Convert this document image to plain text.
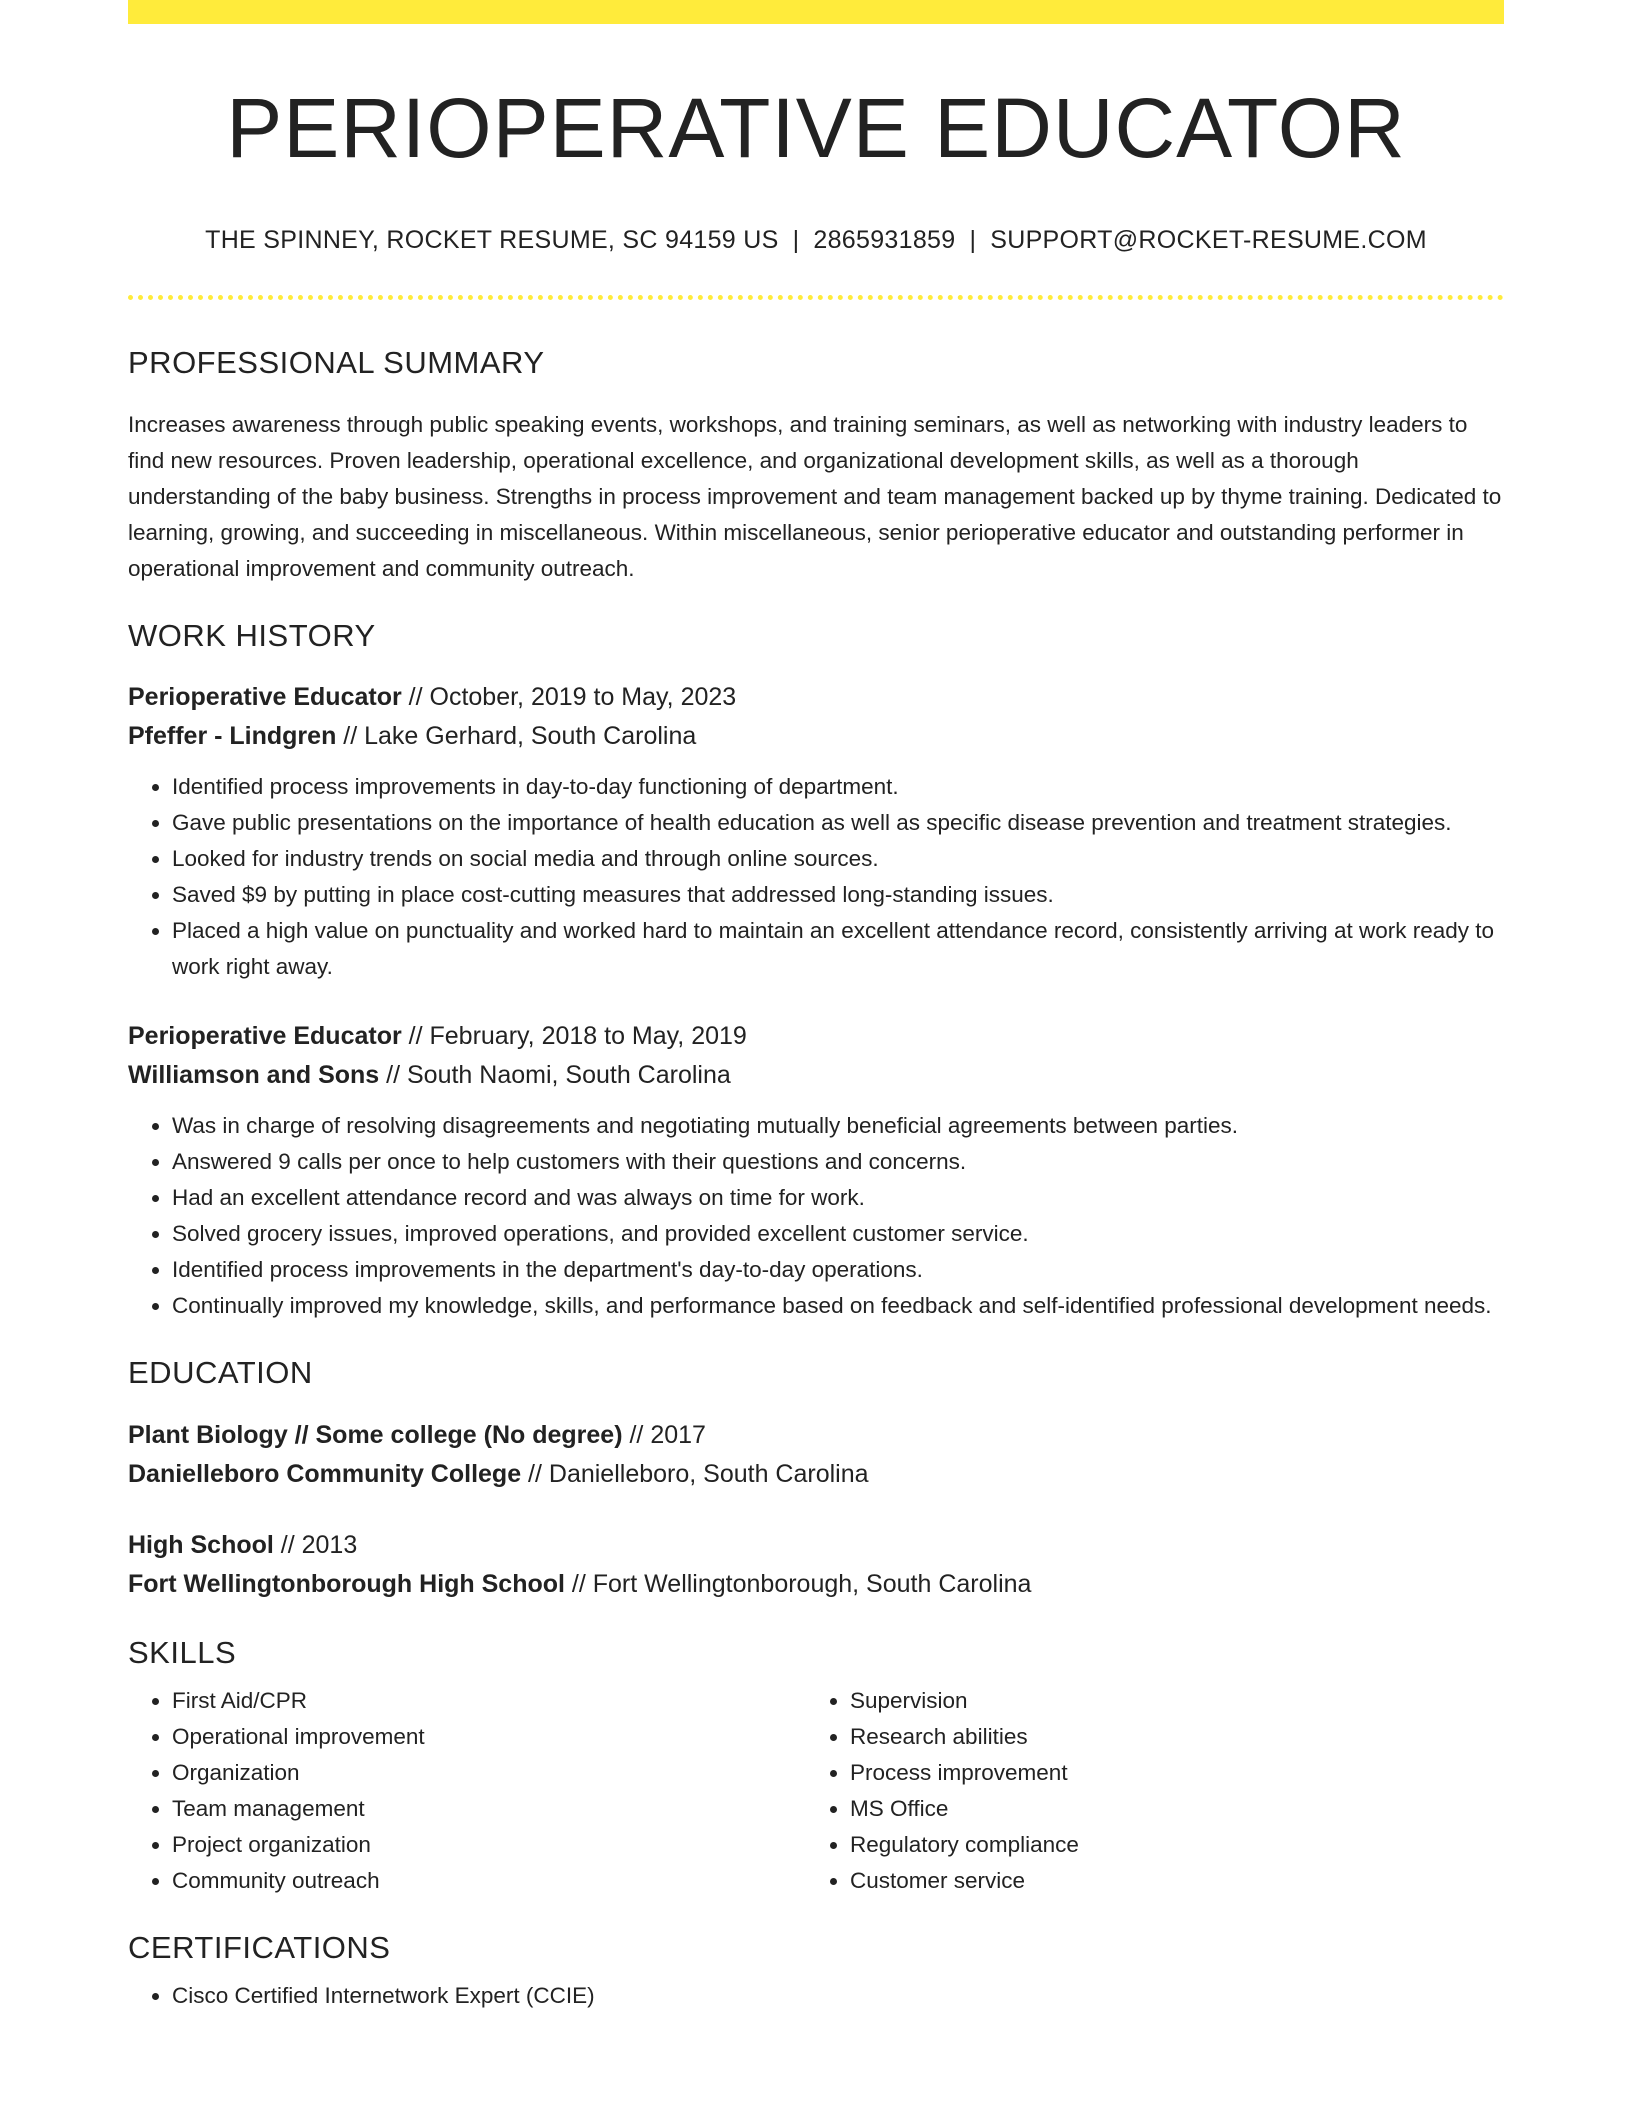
PERIOPERATIVE EDUCATOR
THE SPINNEY, ROCKET RESUME, SC 94159 US | 2865931859 | SUPPORT@ROCKET-RESUME.COM
PROFESSIONAL SUMMARY

Increases awareness through public speaking events, workshops, and training seminars, as well as networking with industry leaders to find new resources. Proven leadership, operational excellence, and organizational development skills, as well as a thorough understanding of the baby business. Strengths in process improvement and team management backed up by thyme training. Dedicated to learning, growing, and succeeding in miscellaneous. Within miscellaneous, senior perioperative educator and outstanding performer in operational improvement and community outreach.

WORK HISTORY
Perioperative Educator // October, 2019 to May, 2023
Pfeffer - Lindgren // Lake Gerhard, South Carolina
• Identified process improvements in day-to-day functioning of department.
• Gave public presentations on the importance of health education as well as specific disease prevention and treatment strategies.
• Looked for industry trends on social media and through online sources.
• Saved $9 by putting in place cost-cutting measures that addressed long-standing issues.
• Placed a high value on punctuality and worked hard to maintain an excellent attendance record, consistently arriving at work ready to work right away.
Perioperative Educator // February, 2018 to May, 2019
Williamson and Sons // South Naomi, South Carolina
• Was in charge of resolving disagreements and negotiating mutually beneficial agreements between parties.
• Answered 9 calls per once to help customers with their questions and concerns.
• Had an excellent attendance record and was always on time for work.
• Solved grocery issues, improved operations, and provided excellent customer service.
• Identified process improvements in the department's day-to-day operations.
• Continually improved my knowledge, skills, and performance based on feedback and self-identified professional development needs.
EDUCATION
Plant Biology // Some college (No degree) // 2017
Danielleboro Community College // Danielleboro, South Carolina
High School // 2013
Fort Wellingtonborough High School // Fort Wellingtonborough, South Carolina
SKILLS
• First Aid/CPR
• Operational improvement
• Organization
• Team management
• Project organization
• Community outreach
• Supervision
• Research abilities
• Process improvement
• MS Office
• Regulatory compliance
• Customer service
CERTIFICATIONS
• Cisco Certified Internetwork Expert (CCIE)
